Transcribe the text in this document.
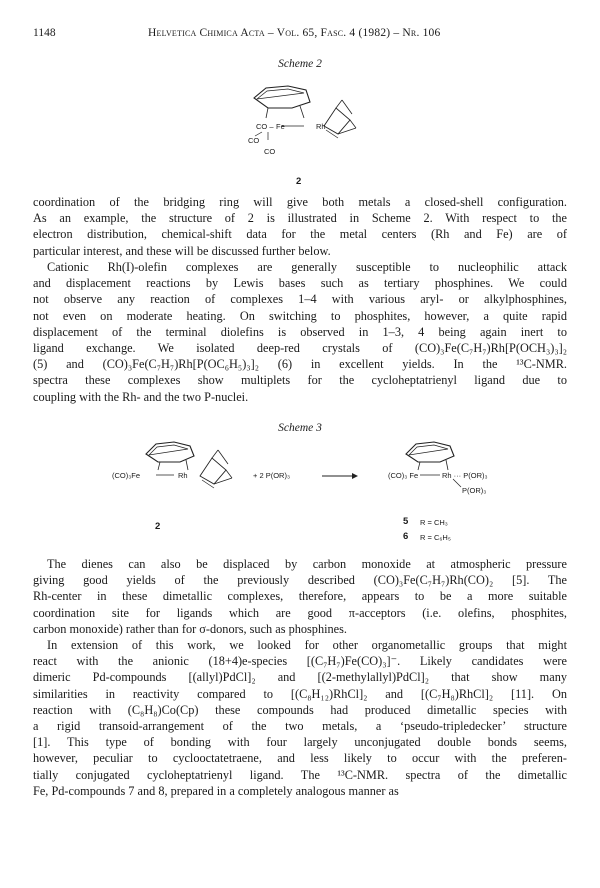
1148	Helvetica Chimica Acta – Vol. 65, Fasc. 4 (1982) – Nr. 106
Scheme 2
CO – Fe	Rh
CO
CO
2
coordination of the bridging ring will give both metals a closed-shell configuration.
As an example, the structure of 2 is illustrated in Scheme 2. With respect to the
electron distribution, chemical-shift data for the metal centers (Rh and Fe) are of
particular interest, and these will be discussed further below.
Cationic Rh(I)-olefin complexes are generally susceptible to nucleophilic attack
and displacement reactions by Lewis bases such as tertiary phosphines. We could
not observe any reaction of complexes 1–4 with various aryl- or alkylphosphines,
not even on moderate heating. On switching to phosphites, however, a quite rapid
displacement of the terminal diolefins is observed in 1–3, 4 being again inert to
ligand exchange. We isolated deep-red crystals of (CO)₃Fe(C₇H₇)Rh[P(OCH₃)₃]₂
(5) and (CO)₃Fe(C₇H₇)Rh[P(OC₆H₅)₃]₂ (6) in excellent yields. In the ¹³C-NMR.
spectra these complexes show multiplets for the cycloheptatrienyl ligand due to
coupling with the Rh- and the two P-nuclei.
Scheme 3
(CO)₃Fe	Rh	+ 2 P(OR)₃	(CO)₃ Fe	Rh ··· P(OR)₃
P(OR)₃
2	5 R = CH₃
6 R = C₆H₅
The dienes can also be displaced by carbon monoxide at atmospheric pressure
giving good yields of the previously described (CO)₃Fe(C₇H₇)Rh(CO)₂ [5]. The
Rh-center in these dimetallic complexes, therefore, appears to be a more suitable
coordination site for ligands which are good π-acceptors (i.e. olefins, phosphites,
carbon monoxide) rather than for σ-donors, such as phosphines.
In extension of this work, we looked for other organometallic groups that might
react with the anionic (18+4)e-species [(C₇H₇)Fe(CO)₃]⁻. Likely candidates were
dimeric Pd-compounds [(allyl)PdCl]₂ and [(2-methylallyl)PdCl]₂ that show many
similarities in reactivity compared to [(C₈H₁₂)RhCl]₂ and [(C₇H₈)RhCl]₂ [11]. On
reaction with (C₈H₈)Co(Cp) these compounds had produced dimetallic species with
a rigid transoid-arrangement of the two metals, a ‘pseudo-tripledecker’ structure
[1]. This type of bonding with four largely unconjugated double bonds seems,
however, peculiar to cyclooctatetraene, and less likely to occur with the preferen-
tially conjugated cycloheptatrienyl ligand. The ¹³C-NMR. spectra of the dimetallic
Fe, Pd-compounds 7 and 8, prepared in a completely analogous manner as
